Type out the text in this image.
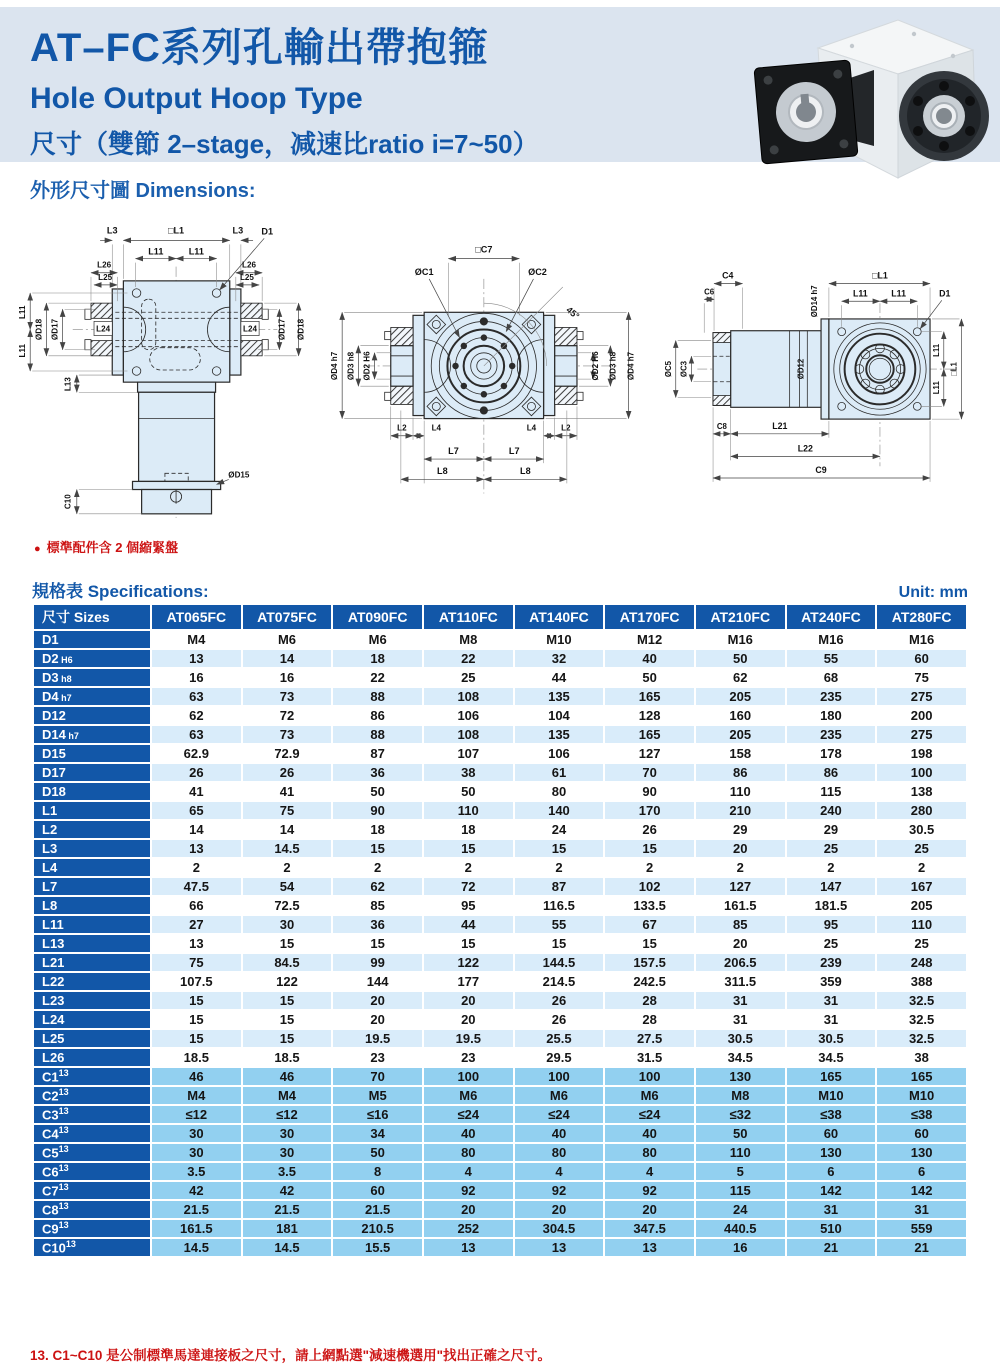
AT–FC系列孔輸出帶抱箍
Hole Output Hoop Type
尺寸（雙節 2–stage，减速比ratio i=7~50）
外形尺寸圖 Dimensions:
L24	L24
L3	□L1	L3 D1
L11	L11
L26	L26
L25	L25
L11
L11
ØD18 ØD17	ØD17 ØD18
L13
C10
ØD15
□C7
ØC1	ØC2
45°
ØD4 h7 ØD3 h8 ØD2 H6	ØD2 H6 ØD3 h8 ØD4 h7
L2	L4	L4	L2
L7	L7
L8	L8
C4
C6
□L1
L11	L11	D1
ØD14 h7
ØC5 ØC3	ØD12
L11
L11
□L1
C8	L21
L22
C9
● 標準配件含 2 個縮緊盤
規格表 Specifications:	Unit: mm
尺寸 Sizes	AT065FC	AT075FC	AT090FC	AT110FC	AT140FC	AT170FC	AT210FC	AT240FC	AT280FC
D1	M4	M6	M6	M8	M10	M12	M16	M16	M16
D2 H6	13	14	18	22	32	40	50	55	60
D3 h8	16	16	22	25	44	50	62	68	75
D4 h7	63	73	88	108	135	165	205	235	275
D12	62	72	86	106	104	128	160	180	200
D14 h7	63	73	88	108	135	165	205	235	275
D15	62.9	72.9	87	107	106	127	158	178	198
D17	26	26	36	38	61	70	86	86	100
D18	41	41	50	50	80	90	110	115	138
L1	65	75	90	110	140	170	210	240	280
L2	14	14	18	18	24	26	29	29	30.5
L3	13	14.5	15	15	15	15	20	25	25
L4	2	2	2	2	2	2	2	2	2
L7	47.5	54	62	72	87	102	127	147	167
L8	66	72.5	85	95	116.5	133.5	161.5	181.5	205
L11	27	30	36	44	55	67	85	95	110
L13	13	15	15	15	15	15	20	25	25
L21	75	84.5	99	122	144.5	157.5	206.5	239	248
L22	107.5	122	144	177	214.5	242.5	311.5	359	388
L23	15	15	20	20	26	28	31	31	32.5
L24	15	15	20	20	26	28	31	31	32.5
L25	15	15	19.5	19.5	25.5	27.5	30.5	30.5	32.5
L26	18.5	18.5	23	23	29.5	31.5	34.5	34.5	38
$C1^{13}$	46	46	70	100	100	100	130	165	165
$C2^{13}$	M4	M4	M5	M6	M6	M6	M8	M10	M10
$C3^{13}$	≤12	≤12	≤16	≤24	≤24	≤24	≤32	≤38	≤38
$C4^{13}$	30	30	34	40	40	40	50	60	60
$C5^{13}$	30	30	50	80	80	80	110	130	130
$C6^{13}$	3.5	3.5	8	4	4	4	5	6	6
$C7^{13}$	42	42	60	92	92	92	115	142	142
$C8^{13}$	21.5	21.5	21.5	20	20	20	24	31	31
$C9^{13}$	161.5	181	210.5	252	304.5	347.5	440.5	510	559
$C10^{13}$	14.5	14.5	15.5	13	13	13	16	21	21
13. C1~C10 是公制標準馬達連接板之尺寸，請上網點選"減速機選用"找出正確之尺寸。
